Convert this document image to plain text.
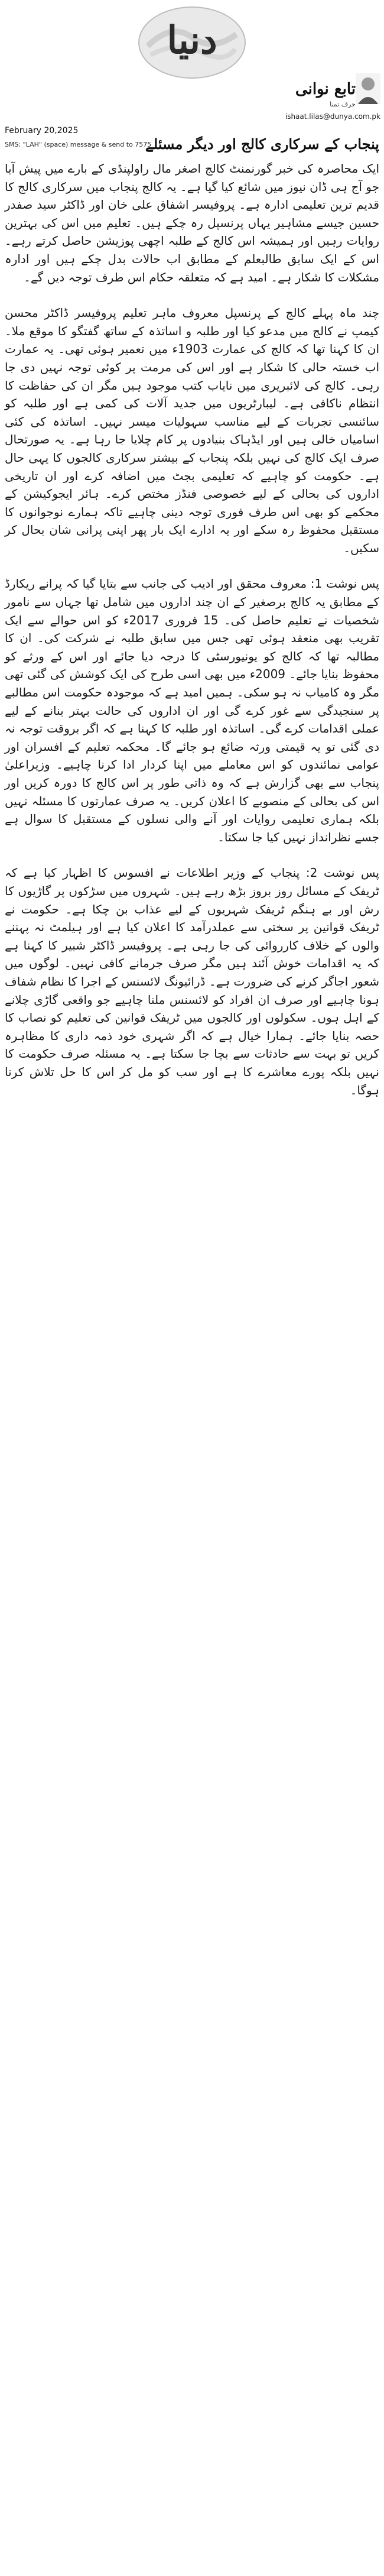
دنیا
تابع نوانی
حرف تمنا
ishaat.lilas@dunya.com.pk
February 20,2025
SMS: "LAH" (space) message & send to 7575
پنجاب کے سرکاری کالج اور دیگر مسئلے

ایک محاصرہ کی خبر گورنمنٹ کالج اصغر مال راولپنڈی کے بارے میں پیش آیا جو آج ہی ڈان نیوز میں شائع کیا گیا ہے۔ یہ کالج پنجاب میں سرکاری کالج کا قدیم ترین تعلیمی ادارہ ہے۔ پروفیسر اشفاق علی خان اور ڈاکٹر سید صفدر حسین جیسے مشاہیر یہاں پرنسپل رہ چکے ہیں۔ تعلیم میں اس کی بہترین روایات رہیں اور ہمیشہ اس کالج کے طلبہ اچھی پوزیشن حاصل کرتے رہے۔ اس کے ایک سابق طالبعلم کے مطابق اب حالات بدل چکے ہیں اور ادارہ مشکلات کا شکار ہے۔ امید ہے کہ متعلقہ حکام اس طرف توجہ دیں گے۔

چند ماہ پہلے کالج کے پرنسپل معروف ماہر تعلیم پروفیسر ڈاکٹر محسن کیمپ نے کالج میں مدعو کیا اور طلبہ و اساتذہ کے ساتھ گفتگو کا موقع ملا۔ ان کا کہنا تھا کہ کالج کی عمارت 1903ء میں تعمیر ہوئی تھی۔ یہ عمارت اب خستہ حالی کا شکار ہے اور اس کی مرمت پر کوئی توجہ نہیں دی جا رہی۔ کالج کی لائبریری میں نایاب کتب موجود ہیں مگر ان کی حفاظت کا انتظام ناکافی ہے۔ لیبارٹریوں میں جدید آلات کی کمی ہے اور طلبہ کو سائنسی تجربات کے لیے مناسب سہولیات میسر نہیں۔ اساتذہ کی کئی اسامیاں خالی ہیں اور ایڈہاک بنیادوں پر کام چلایا جا رہا ہے۔ یہ صورتحال صرف ایک کالج کی نہیں بلکہ پنجاب کے بیشتر سرکاری کالجوں کا یہی حال ہے۔ حکومت کو چاہیے کہ تعلیمی بجٹ میں اضافہ کرے اور ان تاریخی اداروں کی بحالی کے لیے خصوصی فنڈز مختص کرے۔ ہائر ایجوکیشن کے محکمے کو بھی اس طرف فوری توجہ دینی چاہیے تاکہ ہمارے نوجوانوں کا مستقبل محفوظ رہ سکے اور یہ ادارے ایک بار پھر اپنی پرانی شان بحال کر سکیں۔

پس نوشت 1: معروف محقق اور ادیب کی جانب سے بتایا گیا کہ پرانے ریکارڈ کے مطابق یہ کالج برصغیر کے ان چند اداروں میں شامل تھا جہاں سے نامور شخصیات نے تعلیم حاصل کی۔ 15 فروری 2017ء کو اس حوالے سے ایک تقریب بھی منعقد ہوئی تھی جس میں سابق طلبہ نے شرکت کی۔ ان کا مطالبہ تھا کہ کالج کو یونیورسٹی کا درجہ دیا جائے اور اس کے ورثے کو محفوظ بنایا جائے۔ 2009ء میں بھی اسی طرح کی ایک کوشش کی گئی تھی مگر وہ کامیاب نہ ہو سکی۔ ہمیں امید ہے کہ موجودہ حکومت اس مطالبے پر سنجیدگی سے غور کرے گی اور ان اداروں کی حالت بہتر بنانے کے لیے عملی اقدامات کرے گی۔ اساتذہ اور طلبہ کا کہنا ہے کہ اگر بروقت توجہ نہ دی گئی تو یہ قیمتی ورثہ ضائع ہو جائے گا۔ محکمہ تعلیم کے افسران اور عوامی نمائندوں کو اس معاملے میں اپنا کردار ادا کرنا چاہیے۔ وزیراعلیٰ پنجاب سے بھی گزارش ہے کہ وہ ذاتی طور پر اس کالج کا دورہ کریں اور اس کی بحالی کے منصوبے کا اعلان کریں۔ یہ صرف عمارتوں کا مسئلہ نہیں بلکہ ہماری تعلیمی روایات اور آنے والی نسلوں کے مستقبل کا سوال ہے جسے نظرانداز نہیں کیا جا سکتا۔

پس نوشت 2: پنجاب کے وزیر اطلاعات نے افسوس کا اظہار کیا ہے کہ ٹریفک کے مسائل روز بروز بڑھ رہے ہیں۔ شہروں میں سڑکوں پر گاڑیوں کا رش اور بے ہنگم ٹریفک شہریوں کے لیے عذاب بن چکا ہے۔ حکومت نے ٹریفک قوانین پر سختی سے عملدرآمد کا اعلان کیا ہے اور ہیلمٹ نہ پہننے والوں کے خلاف کارروائی کی جا رہی ہے۔ پروفیسر ڈاکٹر شبیر کا کہنا ہے کہ یہ اقدامات خوش آئند ہیں مگر صرف جرمانے کافی نہیں۔ لوگوں میں شعور اجاگر کرنے کی ضرورت ہے۔ ڈرائیونگ لائسنس کے اجرا کا نظام شفاف ہونا چاہیے اور صرف ان افراد کو لائسنس ملنا چاہیے جو واقعی گاڑی چلانے کے اہل ہوں۔ سکولوں اور کالجوں میں ٹریفک قوانین کی تعلیم کو نصاب کا حصہ بنایا جائے۔ ہمارا خیال ہے کہ اگر شہری خود ذمہ داری کا مظاہرہ کریں تو بہت سے حادثات سے بچا جا سکتا ہے۔ یہ مسئلہ صرف حکومت کا نہیں بلکہ پورے معاشرے کا ہے اور سب کو مل کر اس کا حل تلاش کرنا ہوگا۔
